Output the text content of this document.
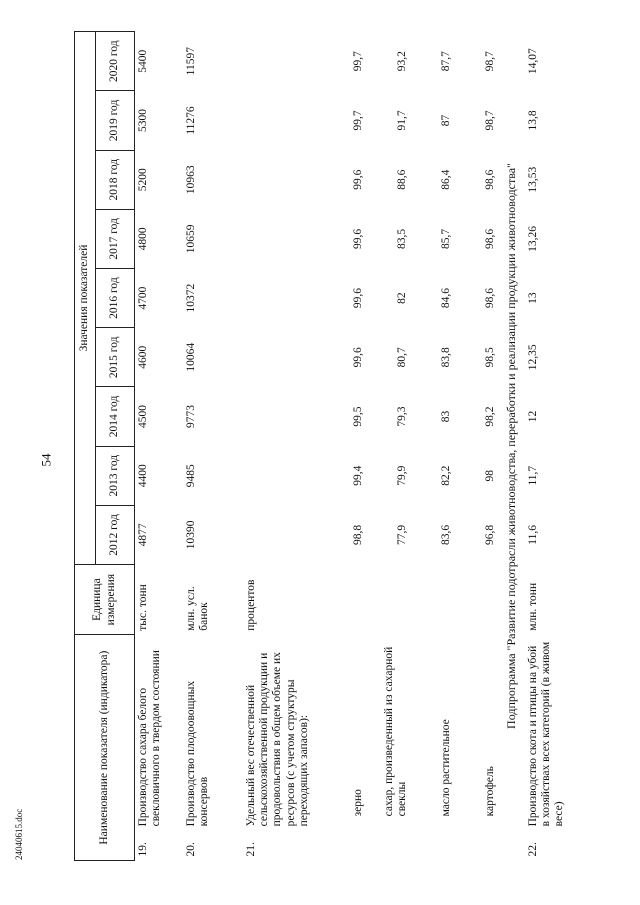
54
24040615.doc	Наименование показателя (индикатора)		Единица измерения	Значения показателей								
			2012 год	2013 год	2014 год	2015 год	2016 год	2017 год	2018 год	2019 год	2020 год
19.	Производство сахара белого свекловичного в твердом состоянии	тыс. тонн	4877	4400	4500	4600	4700	4800	5200	5300	5400
20.	Производство плодоовощных консервов	млн. усл. банок	10390	9485	9773	10064	10372	10659	10963	11276	11597
21.	Удельный вес отечественной сельскохозяйственной продукции и продовольствия в общем объеме их ресурсов (с учетом структуры переходящих запасов):	процентов									
	зерно		98,8	99,4	99,5	99,6	99,6	99,6	99,6	99,7	99,7
	сахар, произведенный из сахарной свеклы		77,9	79,9	79,3	80,7	82	83,5	88,6	91,7	93,2
	масло растительное		83,6	82,2	83	83,8	84,6	85,7	86,4	87	87,7
	картофель		96,8	98	98,2	98,5	98,6	98,6	98,6	98,7	98,7
Подпрограмма "Развитие подотрасли животноводства, переработки и реализации продукции животноводства"											
22.	Производство скота и птицы на убой в хозяйствах всех категорий (в живом весе)	млн. тонн	11,6	11,7	12	12,35	13	13,26	13,53	13,8	14,07
